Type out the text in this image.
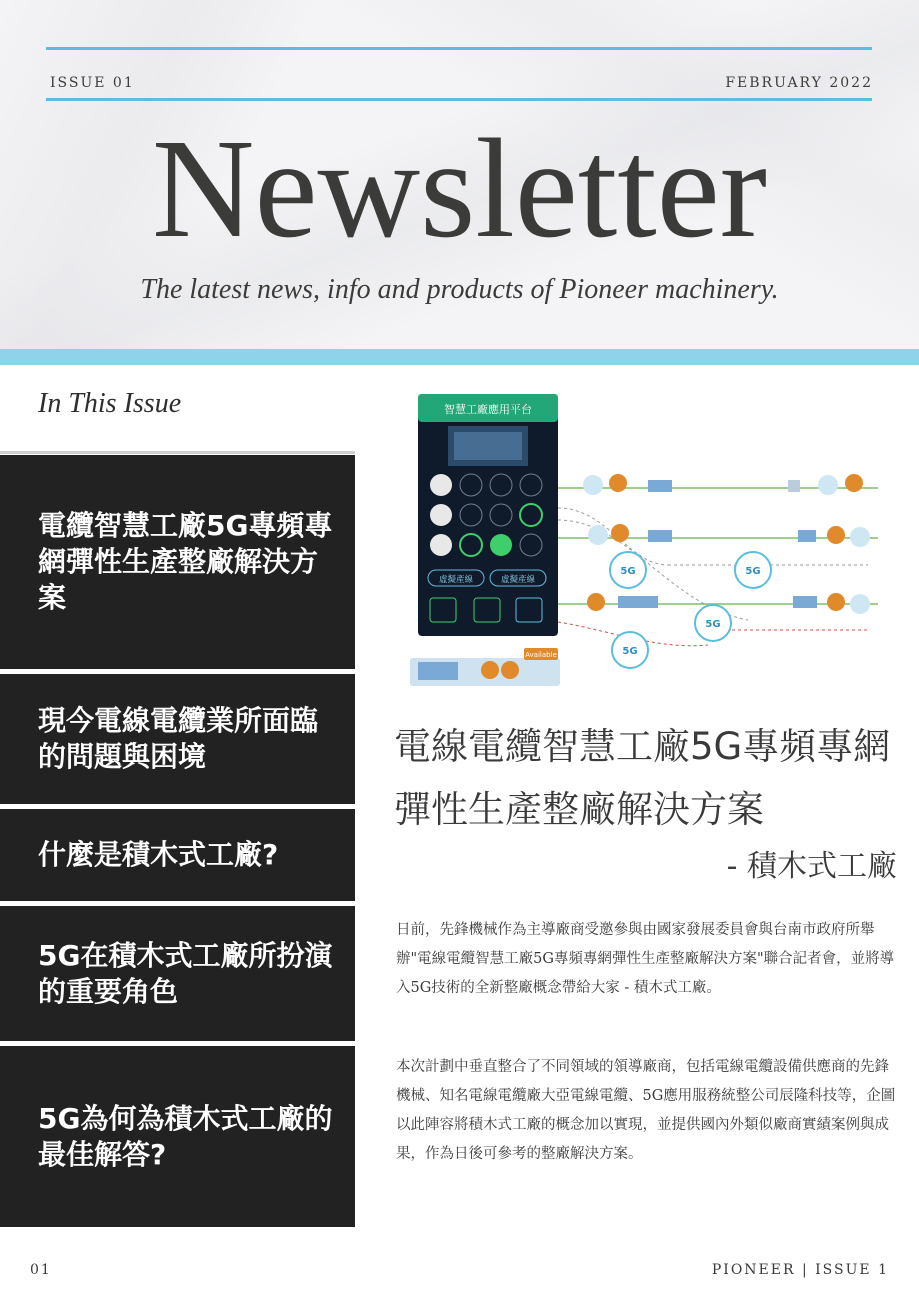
ISSUE 01	FEBRUARY 2022
Newsletter
The latest news, info and products of Pioneer machinery.
In This Issue
電纜智慧工廠5G專頻專網彈性生產整廠解決方案
現今電線電纜業所面臨的問題與困境
什麼是積木式工廠?
5G在積木式工廠所扮演的重要角色
5G為何為積木式工廠的最佳解答?
智慧工廠應用平台
虛擬產線	虛擬產線
5G	5G
5G
5G
Available
電線電纜智慧工廠5G專頻專網彈性生產整廠解決方案
- 積木式工廠

日前，先鋒機械作為主導廠商受邀參與由國家發展委員會與台南市政府所舉辦"電線電纜智慧工廠5G專頻專網彈性生產整廠解決方案"聯合記者會，並將導入5G技術的全新整廠概念帶給大家 - 積木式工廠。

本次計劃中垂直整合了不同領域的領導廠商，包括電線電纜設備供應商的先鋒機械、知名電線電纜廠大亞電線電纜、5G應用服務統整公司辰隆科技等，企圖以此陣容將積木式工廠的概念加以實現，並提供國內外類似廠商實績案例與成果，作為日後可參考的整廠解決方案。

01	PIONEER | ISSUE 1
